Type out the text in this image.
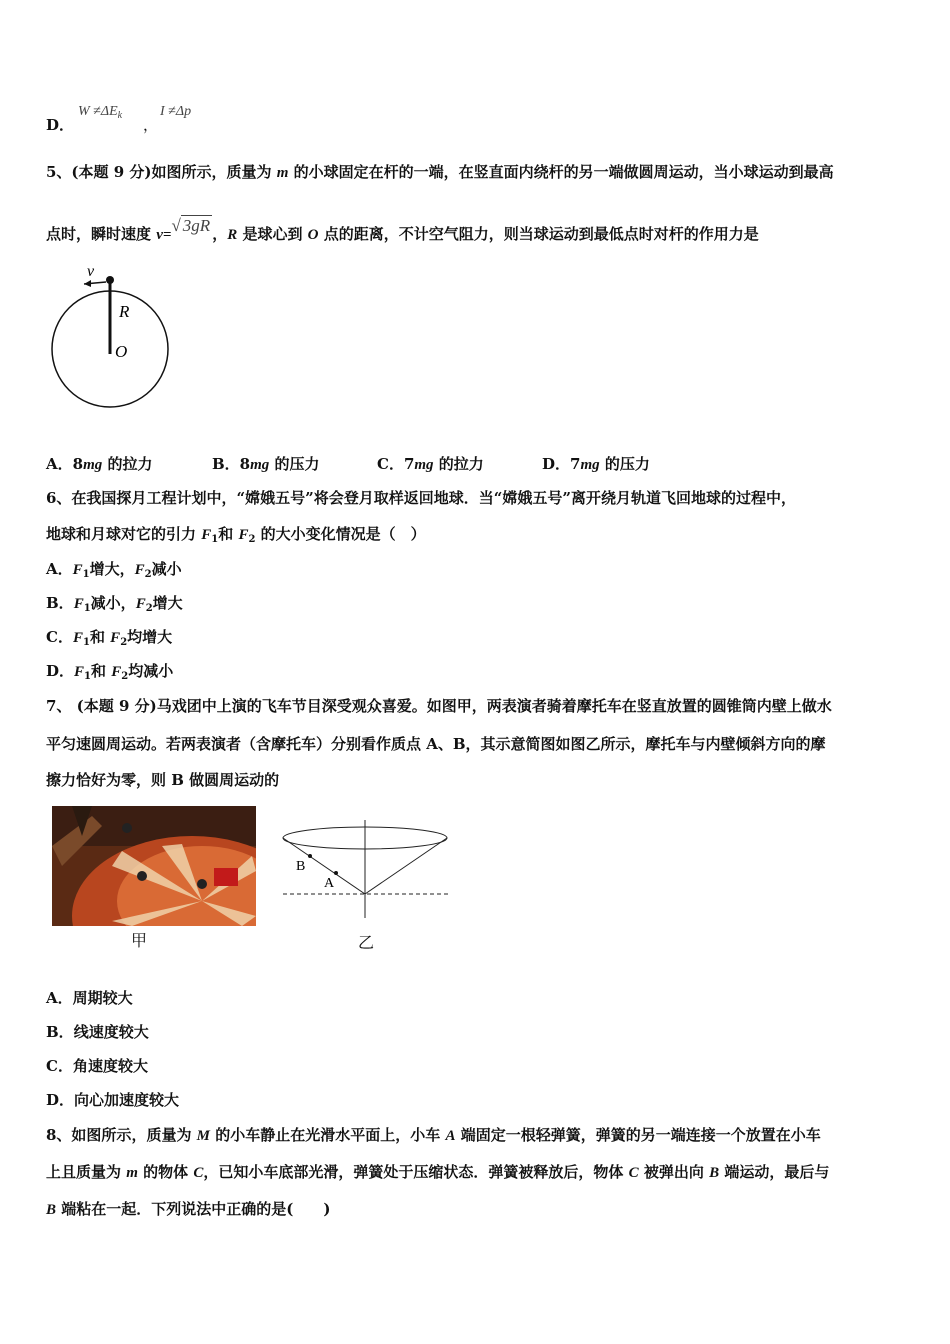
D．
$W \ne\Delta E_k$
，
I ≠Δp
5、(本题 9 分)如图所示，质量为 m 的小球固定在杆的一端，在竖直面内绕杆的另一端做圆周运动，当小球运动到最高
点时，瞬时速度 v=√ 3gR ，R 是球心到 O 点的距离，不计空气阻力，则当球运动到最低点时对杆的作用力是
v
R
O
A．8mg 的拉力	B．8mg 的压力	C．7mg 的拉力	D．7mg 的压力
6、在我国探月工程计划中，“嫦娥五号”将会登月取样返回地球．当“嫦娥五号”离开绕月轨道飞回地球的过程中，
地球和月球对它的引力 $F_1$和 $F_2$ 的大小变化情况是（　）
A．$F_1$增大，$F_2$减小
B．$F_1$减小，$F_2$增大
C．$F_1$和 $F_2$均增大
D．$F_1$和 $F_2$均减小
7、 (本题 9 分)马戏团中上演的飞车节目深受观众喜爱。如图甲，两表演者骑着摩托车在竖直放置的圆锥筒内壁上做水
平匀速圆周运动。若两表演者（含摩托车）分别看作质点 A、B，其示意简图如图乙所示，摩托车与内壁倾斜方向的摩
擦力恰好为零，则 B 做圆周运动的
甲
B
A
乙
A．周期较大
B．线速度较大
C．角速度较大
D．向心加速度较大
8、如图所示，质量为 M 的小车静止在光滑水平面上，小车 A 端固定一根轻弹簧，弹簧的另一端连接一个放置在小车
上且质量为 m 的物体 C，已知小车底部光滑，弹簧处于压缩状态．弹簧被释放后，物体 C 被弹出向 B 端运动，最后与
B 端粘在一起．下列说法中正确的是(　　)
